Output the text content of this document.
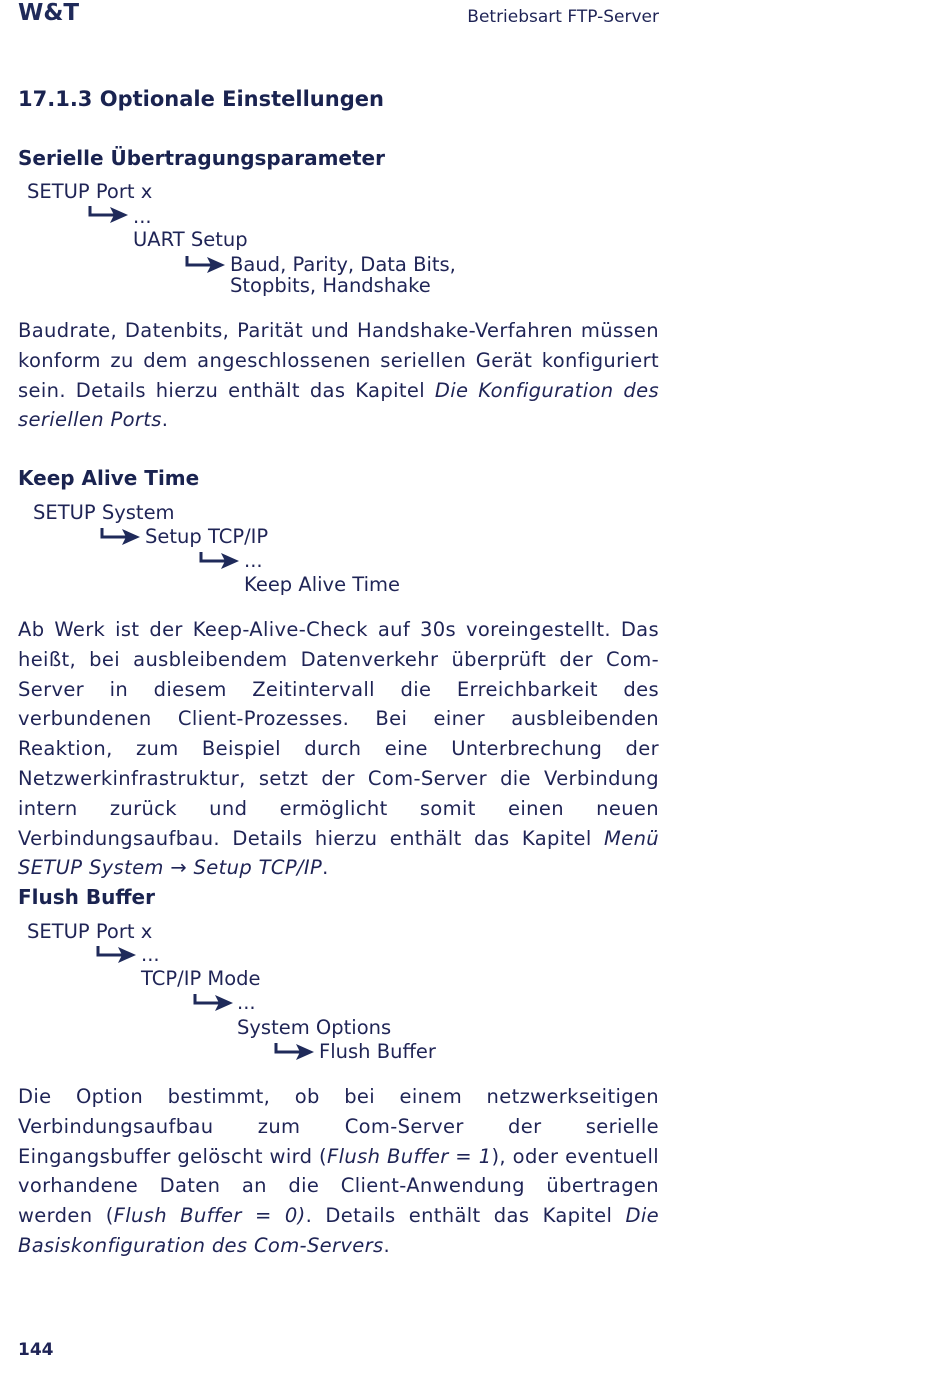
W&T	Betriebsart FTP-Server
17.1.3 Optionale Einstellungen
Serielle Übertragungsparameter
SETUP Port x
...
UART Setup
Baud, Parity, Data Bits,
Stopbits, Handshake
Baudrate, Datenbits, Parität und Handshake-Verfahren müssen konform zu dem angeschlossenen seriellen Gerät konfiguriert sein. Details hierzu enthält das Kapitel Die Konfiguration des seriellen Ports.
Keep Alive Time
SETUP System
Setup TCP/IP
...
Keep Alive Time
Ab Werk ist der Keep-Alive-Check auf 30s voreingestellt. Das heißt, bei ausbleibendem Datenverkehr überprüft der Com-Server in diesem Zeitintervall die Erreichbarkeit des verbundenen Client-Prozesses. Bei einer ausbleibenden Reaktion, zum Beispiel durch eine Unterbrechung der Netzwerkinfrastruktur, setzt der Com-Server die Verbindung intern zurück und ermöglicht somit einen neuen Verbindungsaufbau. Details hierzu enthält das Kapitel Menü SETUP System → Setup TCP/IP.
Flush Buffer
SETUP Port x
...
TCP/IP Mode
...
System Options
Flush Buffer
Die Option bestimmt, ob bei einem netzwerkseitigen Verbindungsaufbau zum Com-Server der serielle Eingangsbuffer gelöscht wird (Flush Buffer = 1), oder eventuell vorhandene Daten an die Client-Anwendung übertragen werden (Flush Buffer = 0). Details enthält das Kapitel Die Basiskonfiguration des Com-Servers.
144
